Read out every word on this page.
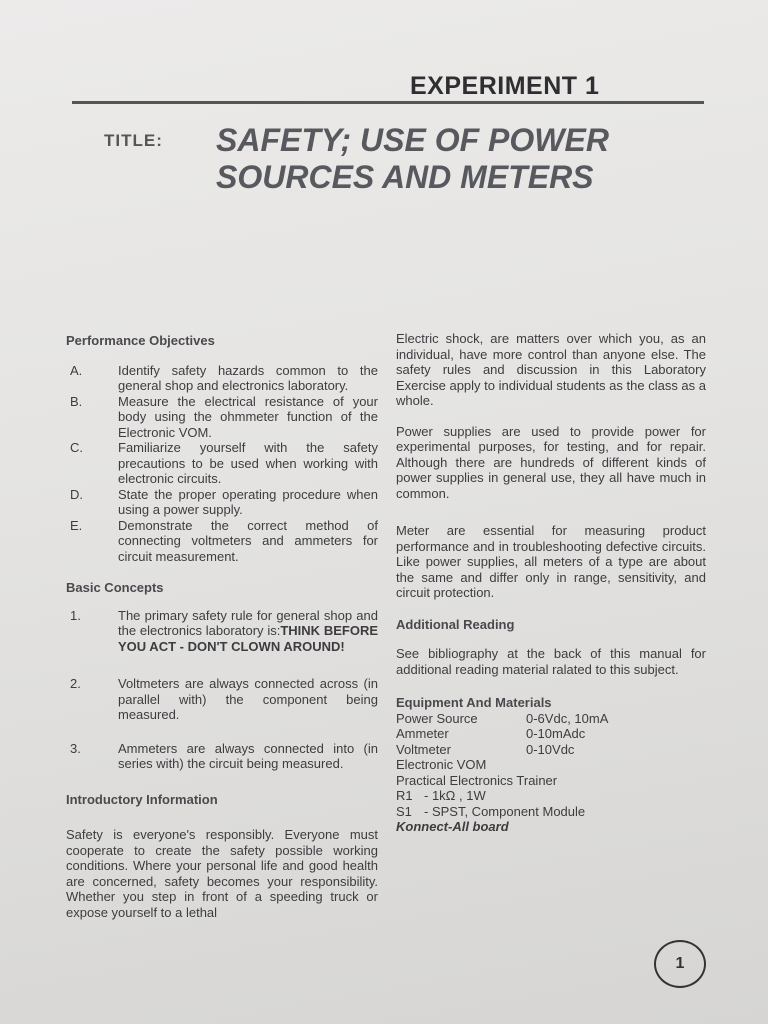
EXPERIMENT 1
TITLE: SAFETY; USE OF POWER
SOURCES AND METERS
Performance Objectives
A.	Identify safety hazards common to the general shop and electronics laboratory.
B.	Measure the electrical resistance of your body using the ohmmeter function of the Electronic VOM.
C.	Familiarize yourself with the safety precautions to be used when working with electronic circuits.
D.	State the proper operating procedure when using a power supply.
E.	Demonstrate the correct method of connecting voltmeters and ammeters for circuit measurement.
Basic Concepts
1.	The primary safety rule for general shop and the electronics laboratory is:THINK BEFORE YOU ACT - DON'T CLOWN AROUND!
2.	Voltmeters are always connected across (in parallel with) the component being measured.
3.	Ammeters are always connected into (in series with) the circuit being measured.
Introductory Information

Safety is everyone's responsibly. Everyone must cooperate to create the safety possible working conditions. Where your personal life and good health are concerned, safety becomes your responsibility. Whether you step in front of a speeding truck or expose yourself to a lethal

Electric shock, are matters over which you, as an individual, have more control than anyone else. The safety rules and discussion in this Laboratory Exercise apply to individual students as the class as a whole.

Power supplies are used to provide power for experimental purposes, for testing, and for repair. Although there are hundreds of different kinds of power supplies in general use, they all have much in common.

Meter are essential for measuring product performance and in troubleshooting defective circuits. Like power supplies, all meters of a type are about the same and differ only in range, sensitivity, and circuit protection.

Additional Reading

See bibliography at the back of this manual for additional reading material ralated to this subject.

Equipment And Materials
Power Source	0-6Vdc, 10mA
Ammeter	0-10mAdc
Voltmeter	0-10Vdc
Electronic VOM
Practical Electronics Trainer
R1 - 1kΩ , 1W
S1 - SPST, Component Module
Konnect-All board
1
